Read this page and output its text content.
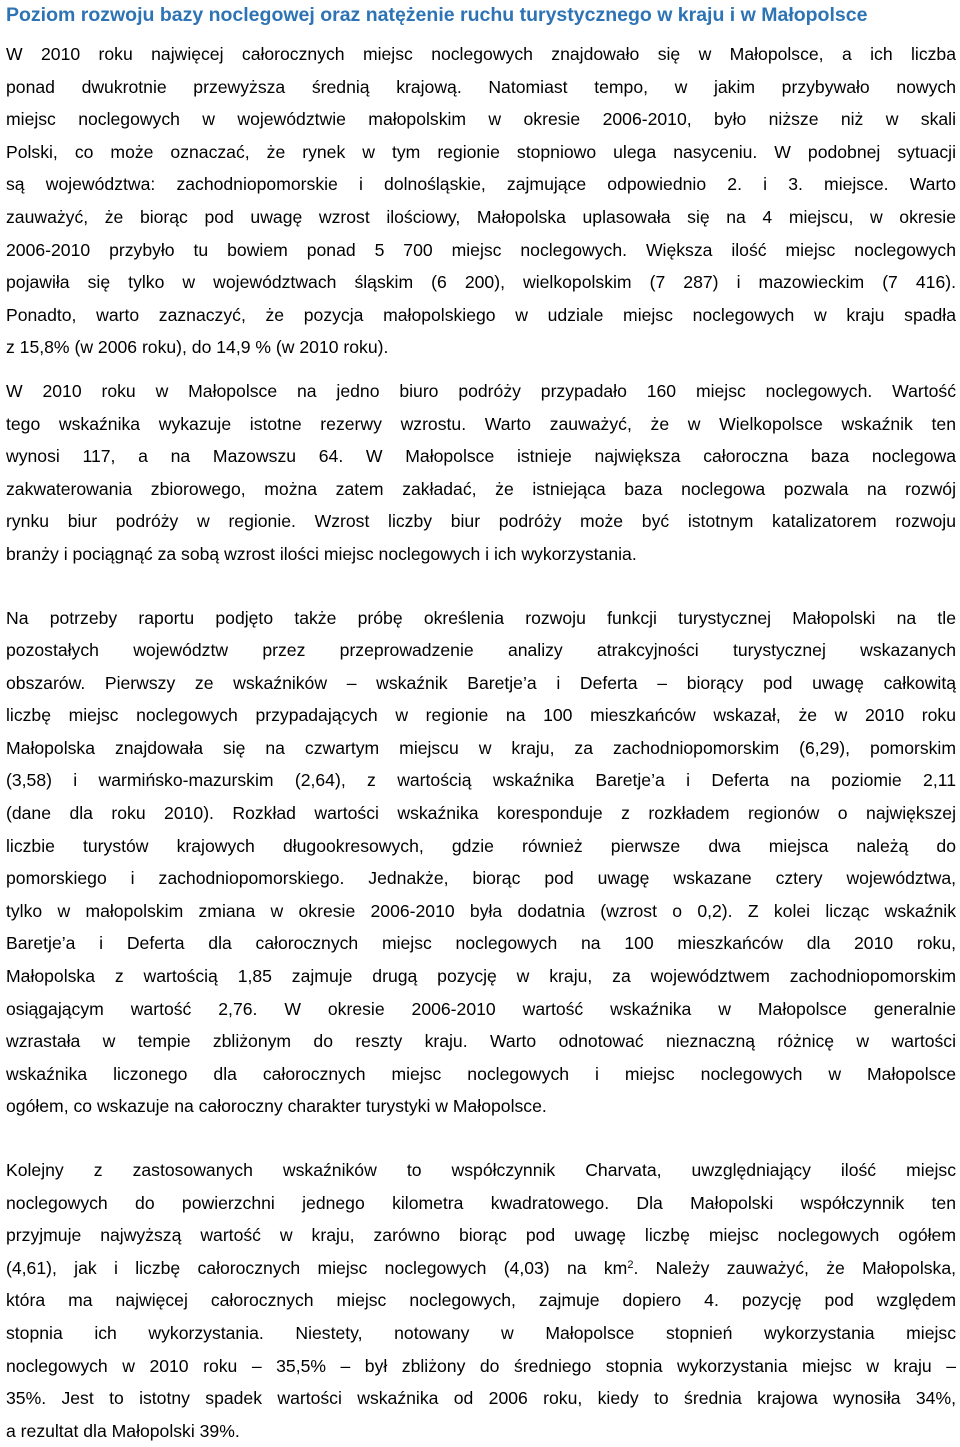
Poziom rozwoju bazy noclegowej oraz natężenie ruchu turystycznego w kraju i w Małopolsce
W 2010 roku najwięcej całorocznych miejsc noclegowych znajdowało się w Małopolsce, a ich liczba
ponad dwukrotnie przewyższa średnią krajową. Natomiast tempo, w jakim przybywało nowych
miejsc noclegowych w województwie małopolskim w okresie 2006-2010, było niższe niż w skali
Polski, co może oznaczać, że rynek w tym regionie stopniowo ulega nasyceniu. W podobnej sytuacji
są województwa: zachodniopomorskie i dolnośląskie, zajmujące odpowiednio 2. i 3. miejsce. Warto
zauważyć, że biorąc pod uwagę wzrost ilościowy, Małopolska uplasowała się na 4 miejscu, w okresie
2006-2010 przybyło tu bowiem ponad 5 700 miejsc noclegowych. Większa ilość miejsc noclegowych
pojawiła się tylko w województwach śląskim (6 200), wielkopolskim (7 287) i mazowieckim (7 416).
Ponadto, warto zaznaczyć, że pozycja małopolskiego w udziale miejsc noclegowych w kraju spadła
z 15,8% (w 2006 roku), do 14,9 % (w 2010 roku).
W 2010 roku w Małopolsce na jedno biuro podróży przypadało 160 miejsc noclegowych. Wartość
tego wskaźnika wykazuje istotne rezerwy wzrostu. Warto zauważyć, że w Wielkopolsce wskaźnik ten
wynosi 117, a na Mazowszu 64. W Małopolsce istnieje największa całoroczna baza noclegowa
zakwaterowania zbiorowego, można zatem zakładać, że istniejąca baza noclegowa pozwala na rozwój
rynku biur podróży w regionie. Wzrost liczby biur podróży może być istotnym katalizatorem rozwoju
branży i pociągnąć za sobą wzrost ilości miejsc noclegowych i ich wykorzystania.
Na potrzeby raportu podjęto także próbę określenia rozwoju funkcji turystycznej Małopolski na tle
pozostałych województw przez przeprowadzenie analizy atrakcyjności turystycznej wskazanych
obszarów. Pierwszy ze wskaźników – wskaźnik Baretje’a i Deferta – biorący pod uwagę całkowitą
liczbę miejsc noclegowych przypadających w regionie na 100 mieszkańców wskazał, że w 2010 roku
Małopolska znajdowała się na czwartym miejscu w kraju, za zachodniopomorskim (6,29), pomorskim
(3,58) i warmińsko-mazurskim (2,64), z wartością wskaźnika Baretje’a i Deferta na poziomie 2,11
(dane dla roku 2010). Rozkład wartości wskaźnika koresponduje z rozkładem regionów o największej
liczbie turystów krajowych długookresowych, gdzie również pierwsze dwa miejsca należą do
pomorskiego i zachodniopomorskiego. Jednakże, biorąc pod uwagę wskazane cztery województwa,
tylko w małopolskim zmiana w okresie 2006-2010 była dodatnia (wzrost o 0,2). Z kolei licząc wskaźnik
Baretje’a i Deferta dla całorocznych miejsc noclegowych na 100 mieszkańców dla 2010 roku,
Małopolska z wartością 1,85 zajmuje drugą pozycję w kraju, za województwem zachodniopomorskim
osiągającym wartość 2,76. W okresie 2006-2010 wartość wskaźnika w Małopolsce generalnie
wzrastała w tempie zbliżonym do reszty kraju. Warto odnotować nieznaczną różnicę w wartości
wskaźnika liczonego dla całorocznych miejsc noclegowych i miejsc noclegowych w Małopolsce
ogółem, co wskazuje na całoroczny charakter turystyki w Małopolsce.
Kolejny z zastosowanych wskaźników to współczynnik Charvata, uwzględniający ilość miejsc
noclegowych do powierzchni jednego kilometra kwadratowego. Dla Małopolski współczynnik ten
przyjmuje najwyższą wartość w kraju, zarówno biorąc pod uwagę liczbę miejsc noclegowych ogółem
(4,61), jak i liczbę całorocznych miejsc noclegowych (4,03) na $km^2$. Należy zauważyć, że Małopolska,
która ma najwięcej całorocznych miejsc noclegowych, zajmuje dopiero 4. pozycję pod względem
stopnia ich wykorzystania. Niestety, notowany w Małopolsce stopnień wykorzystania miejsc
noclegowych w 2010 roku – 35,5% – był zbliżony do średniego stopnia wykorzystania miejsc w kraju –
35%. Jest to istotny spadek wartości wskaźnika od 2006 roku, kiedy to średnia krajowa wynosiła 34%,
a rezultat dla Małopolski 39%.
